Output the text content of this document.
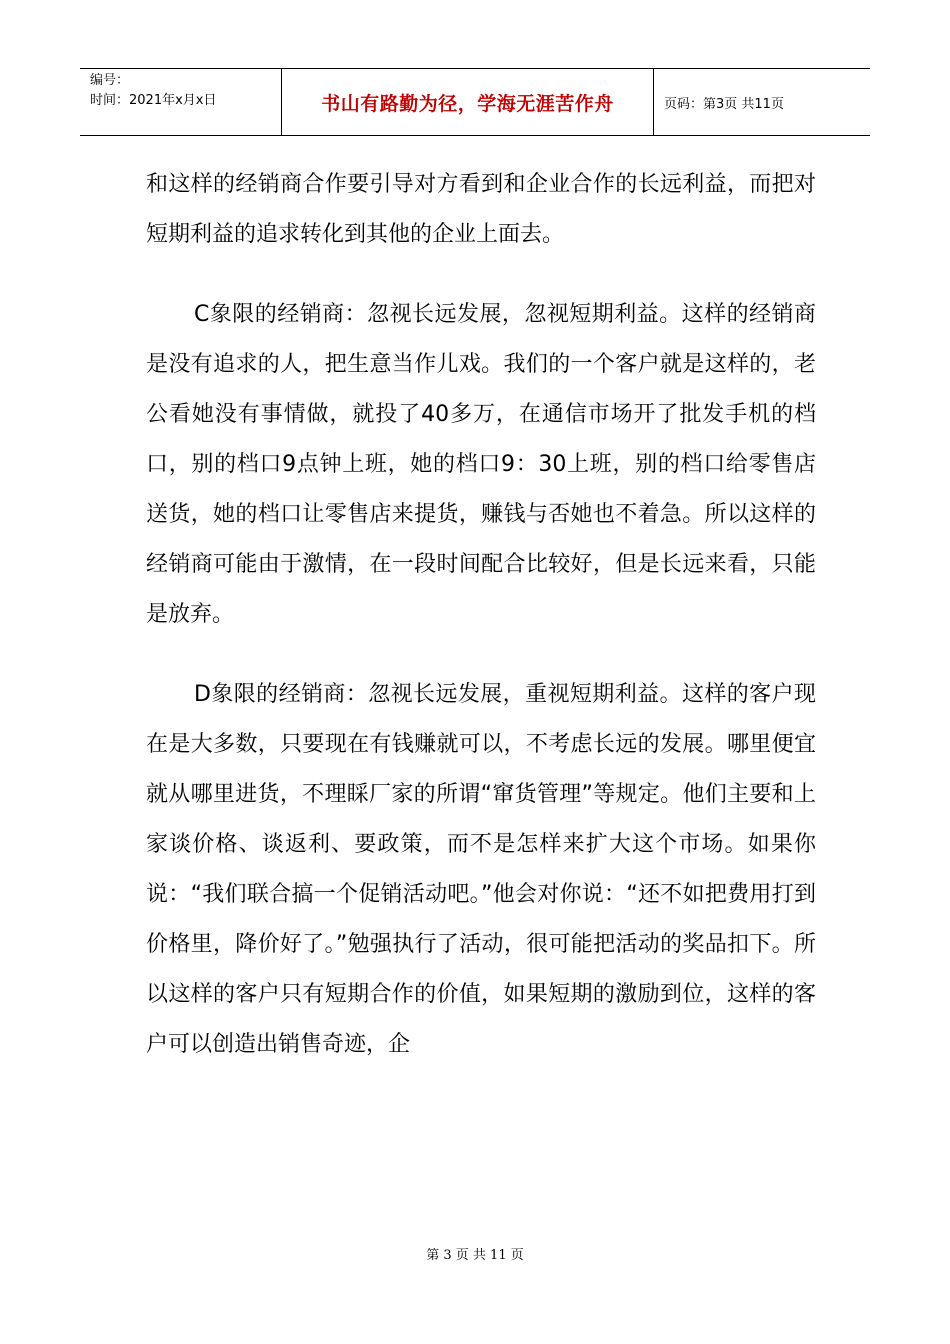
编号：
时间：2021年x月x日	书山有路勤为径，学海无涯苦作舟	页码：第3页 共11页

和这样的经销商合作要引导对方看到和企业合作的长远利益，而把对短期利益的追求转化到其他的企业上面去。

C象限的经销商：忽视长远发展，忽视短期利益。这样的经销商是没有追求的人，把生意当作儿戏。我们的一个客户就是这样的，老公看她没有事情做，就投了40多万，在通信市场开了批发手机的档口，别的档口9点钟上班，她的档口9：30上班，别的档口给零售店送货，她的档口让零售店来提货，赚钱与否她也不着急。所以这样的经销商可能由于激情，在一段时间配合比较好，但是长远来看，只能是放弃。

D象限的经销商：忽视长远发展，重视短期利益。这样的客户现在是大多数，只要现在有钱赚就可以，不考虑长远的发展。哪里便宜就从哪里进货，不理睬厂家的所谓“窜货管理”等规定。他们主要和上家谈价格、谈返利、要政策，而不是怎样来扩大这个市场。如果你说：“我们联合搞一个促销活动吧。”他会对你说：“还不如把费用打到价格里，降价好了。”勉强执行了活动，很可能把活动的奖品扣下。所以这样的客户只有短期合作的价值，如果短期的激励到位，这样的客户可以创造出销售奇迹，企

第 3 页 共 11 页
